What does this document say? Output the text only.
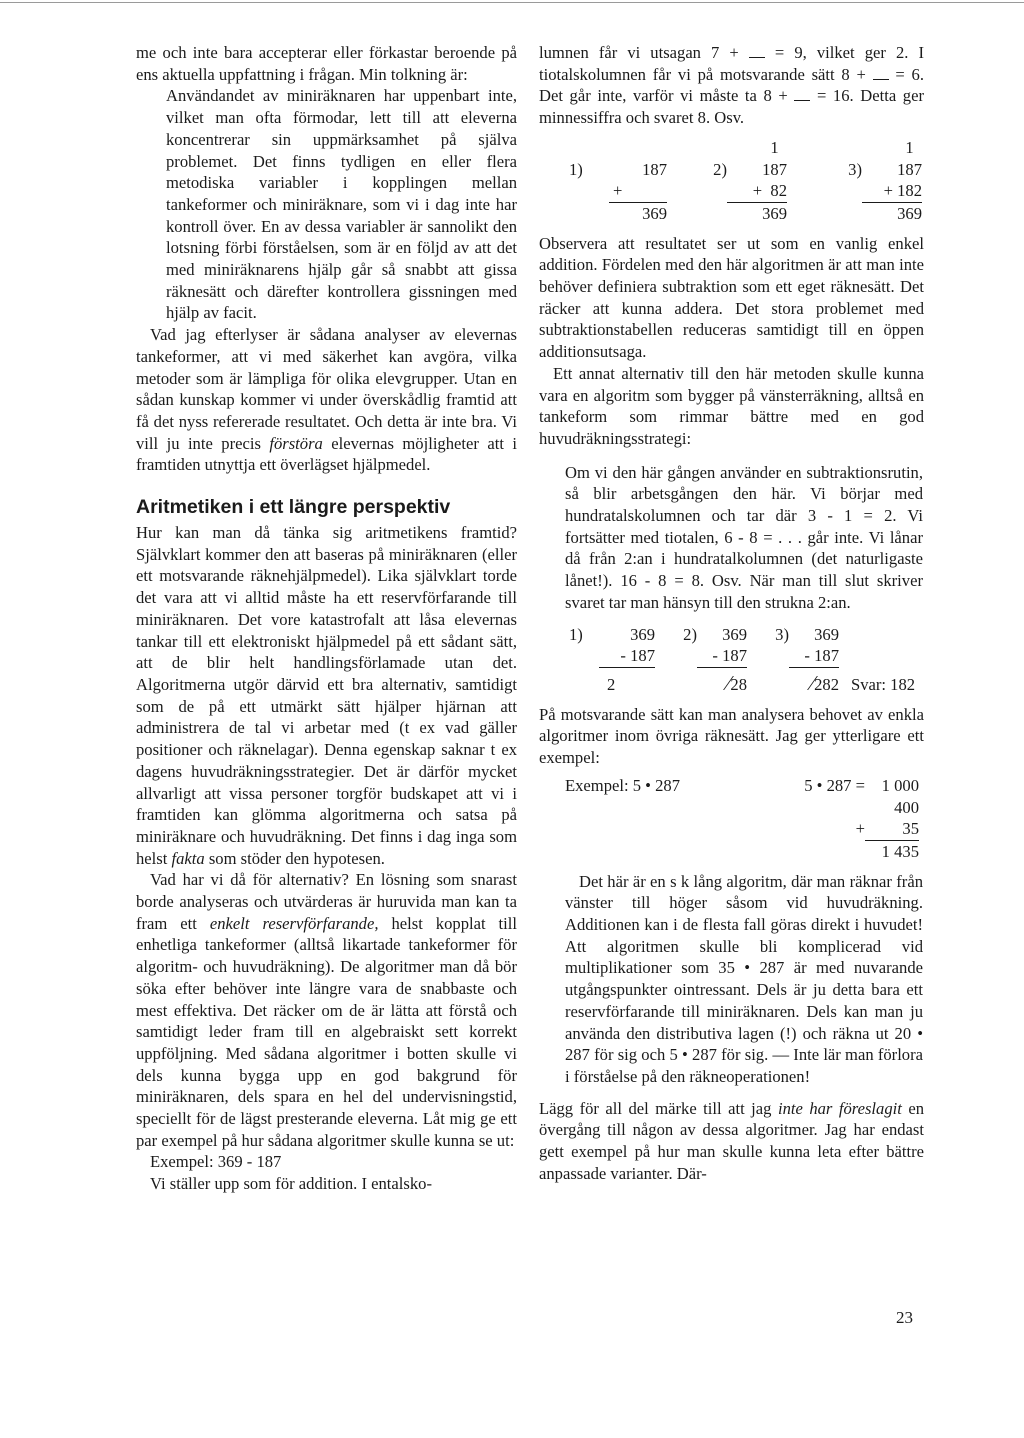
me och inte bara accepterar eller förkastar beroende på ens aktuella uppfattning i frågan. Min tolkning är:

Användandet av miniräknaren har uppenbart inte, vilket man ofta förmodar, lett till att eleverna koncentrerar sin uppmärksamhet på själva problemet. Det finns tydligen en eller flera metodiska variabler i kopplingen mellan tankeformer och miniräknare, som vi i dag inte har kontroll över. En av dessa variabler är sannolikt den lotsning förbi förståelsen, som är en följd av att det med miniräknarens hjälp går så snabbt att gissa räknesätt och därefter kontrollera gissningen med hjälp av facit.

Vad jag efterlyser är sådana analyser av elevernas tankeformer, att vi med säkerhet kan avgöra, vilka metoder som är lämpliga för olika elevgrupper. Utan en sådan kunskap kommer vi under överskådlig framtid att få det nyss refererade resultatet. Och detta är inte bra. Vi vill ju inte precis förstöra elevernas möjligheter att i framtiden utnyttja ett överlägset hjälpmedel.

Aritmetiken i ett längre perspektiv

Hur kan man då tänka sig aritmetikens framtid? Självklart kommer den att baseras på miniräknaren (eller ett motsvarande räknehjälpmedel). Lika självklart torde det vara att vi alltid måste ha ett reservförfarande till miniräknaren. Det vore katastrofalt att låsa elevernas tankar till ett elektroniskt hjälpmedel på ett sådant sätt, att de blir helt handlingsförlamade utan det. Algoritmerna utgör därvid ett bra alternativ, samtidigt som de på ett utmärkt sätt hjälper hjärnan att administrera de tal vi arbetar med (t ex vad gäller positioner och räknelagar). Denna egenskap saknar t ex dagens huvudräkningsstrategier. Det är därför mycket allvarligt att vissa personer torgför budskapet att vi i framtiden kan glömma algoritmerna och satsa på miniräknare och huvudräkning. Det finns i dag inga som helst fakta som stöder den hypotesen.

Vad har vi då för alternativ? En lösning som snarast borde analyseras och utvärderas är huruvida man kan ta fram ett enkelt reservförfarande, helst kopplat till enhetliga tankeformer (alltså likartade tankeformer för algoritm- och huvudräkning). De algoritmer man då bör söka efter behöver inte längre vara de snabbaste och mest effektiva. Det räcker om de är lätta att förstå och samtidigt leder fram till en algebraiskt sett korrekt uppföljning. Med sådana algoritmer i botten skulle vi dels kunna bygga upp en god bakgrund för miniräknaren, dels spara en hel del undervisningstid, speciellt för de lägst presterande eleverna. Låt mig ge ett par exempel på hur sådana algoritmer skulle kunna se ut:

Exempel: 369 - 187

Vi ställer upp som för addition. I entalsko-

lumnen får vi utsagan 7 +  = 9, vilket ger 2. I tiotalskolumnen får vi på motsvarande sätt 8 +  = 6. Det går inte, varför vi måste ta 8 +  = 16. Detta ger minnessiffra och svaret 8. Osv.

			1		1
1)	187	2)	187	3)	187
	+		+ 82		+ 182
	369		369		369

Observera att resultatet ser ut som en vanlig enkel addition. Fördelen med den här algoritmen är att man inte behöver definiera subtraktion som ett eget räknesätt. Det räcker att kunna addera. Det stora problemet med subtraktionstabellen reduceras samtidigt till en öppen additionsutsaga.

Ett annat alternativ till den här metoden skulle kunna vara en algoritm som bygger på vänsterräkning, alltså en tankeform som rimmar bättre med en god huvudräkningsstrategi:

Om vi den här gången använder en subtraktionsrutin, så blir arbetsgången den här. Vi börjar med hundratalskolumnen och tar där 3 - 1 = 2. Vi fortsätter med tiotalen, 6 - 8 = . . . går inte. Vi lånar då från 2:an i hundratalkolumnen (det naturligaste lånet!). 16 - 8 = 8. Osv. När man till slut skriver svaret tar man hänsyn till den strukna 2:an.

1)	369	2)	369	3)	369	
	- 187		- 187		- 187	
	2		28		282	Svar: 182

På motsvarande sätt kan man analysera behovet av enkla algoritmer inom övriga räknesätt. Jag ger ytterligare ett exempel:

Exempel: 5 • 287	5 • 287 =	1 000
		400
	+	35
		1 435

Det här är en s k lång algoritm, där man räknar från vänster till höger såsom vid huvudräkning. Additionen kan i de flesta fall göras direkt i huvudet! Att algoritmen skulle bli komplicerad vid multiplikationer som 35 • 287 är med nuvarande utgångspunkter ointressant. Dels är ju detta bara ett reservförfarande till miniräknaren. Dels kan man ju använda den distributiva lagen (!) och räkna ut 20 • 287 för sig och 5 • 287 för sig. — Inte lär man förlora i förståelse på den räkneoperationen!

Lägg för all del märke till att jag inte har föreslagit en övergång till någon av dessa algoritmer. Jag har endast gett exempel på hur man skulle kunna leta efter bättre anpassade varianter. Där-

23
